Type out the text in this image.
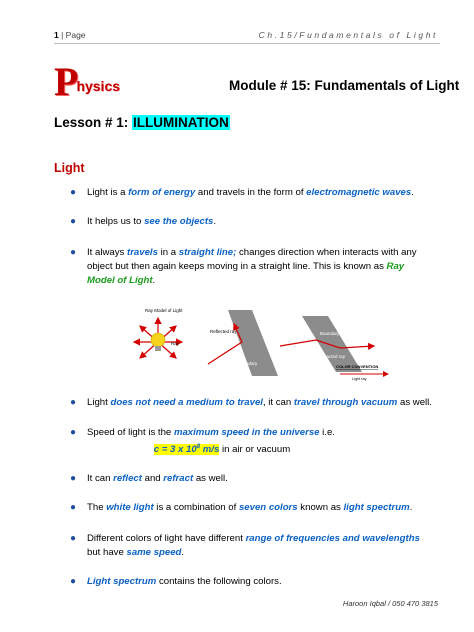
1 | Page	Ch.15/Fundamentals of Light
Physics	Module # 15: Fundamentals of Light
Lesson # 1: ILLUMINATION
Light
● Light is a form of energy and travels in the form of electromagnetic waves.
● It helps us to see the objects.
● It always travels in a straight line; changes direction when interacts with any object but then again keeps moving in a straight line. This is known as Ray Model of Light.
● Light does not need a medium to travel, it can travel through vacuum as well.
● Speed of light is the maximum speed in the universe i.e.
c = 3 x $10^8$ m/s in air or vacuum
● It can reflect and refract as well.
● The white light is a combination of seven colors known as light spectrum.
● Different colors of light have different range of frequencies and wavelengths
but have same speed.
● Light spectrum contains the following colors.
Ray Model of Light
Ray
Reflected ray
Boundary
Boundary
Refracted ray
COLOR CONVENTION
Light ray
Haroon Iqbal / 050 470 3815
